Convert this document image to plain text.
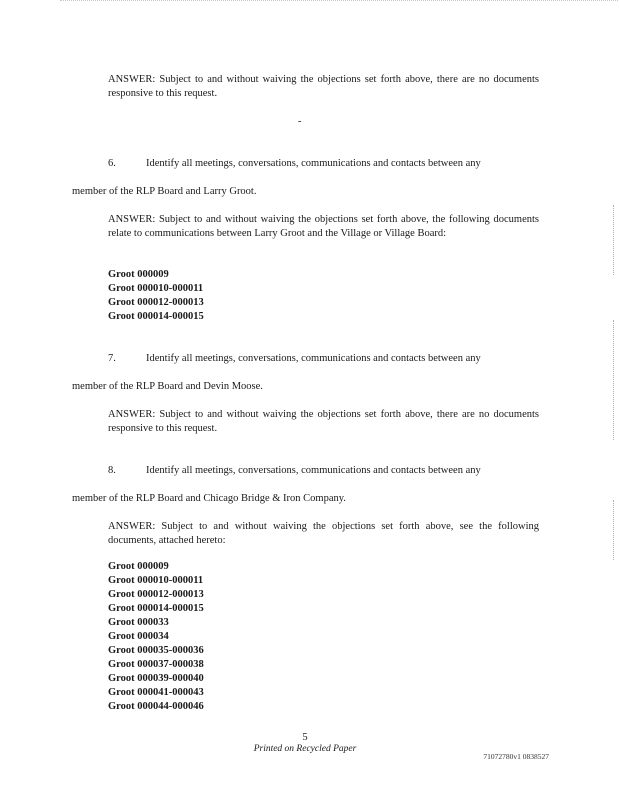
ANSWER: Subject to and without waiving the objections set forth above, there are no documents responsive to this request.
-
6.	Identify all meetings, conversations, communications and contacts between any
member of the RLP Board and Larry Groot.
ANSWER: Subject to and without waiving the objections set forth above, the following documents relate to communications between Larry Groot and the Village or Village Board:
Groot 000009
Groot 000010-000011
Groot 000012-000013
Groot 000014-000015
7.	Identify all meetings, conversations, communications and contacts between any
member of the RLP Board and Devin Moose.
ANSWER: Subject to and without waiving the objections set forth above, there are no documents responsive to this request.
8.	Identify all meetings, conversations, communications and contacts between any
member of the RLP Board and Chicago Bridge & Iron Company.
ANSWER: Subject to and without waiving the objections set forth above, see the following documents, attached hereto:
Groot 000009
Groot 000010-000011
Groot 000012-000013
Groot 000014-000015
Groot 000033
Groot 000034
Groot 000035-000036
Groot 000037-000038
Groot 000039-000040
Groot 000041-000043
Groot 000044-000046
5
Printed on Recycled Paper
71072780v1 0838527
